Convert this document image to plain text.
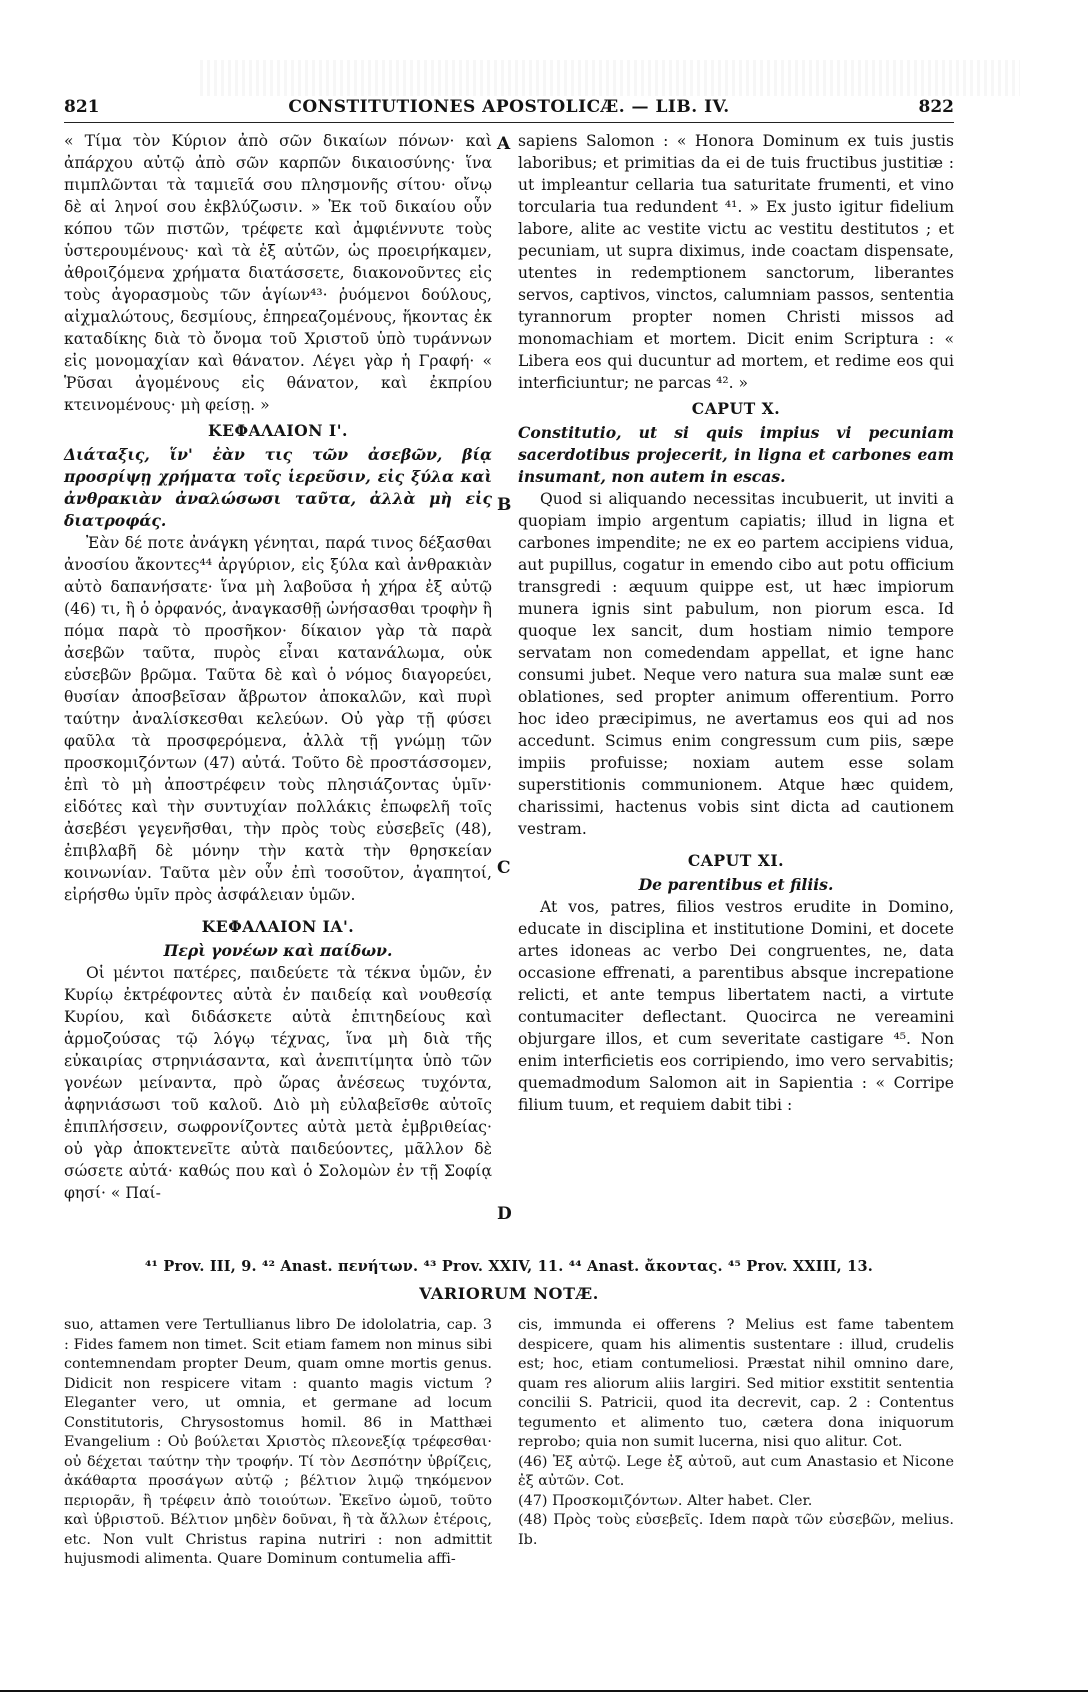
821	CONSTITUTIONES APOSTOLICÆ. — LIB. IV.	822
A
B
C
D

« Τίμα τὸν Κύριον ἀπὸ σῶν δικαίων πόνων· καὶ ἀπάρχου αὐτῷ ἀπὸ σῶν καρπῶν δικαιοσύνης· ἵνα πιμπλῶνται τὰ ταμιεῖά σου πλησμονῆς σίτου· οἴνῳ δὲ αἱ ληνοί σου ἐκβλύζωσιν. » Ἐκ τοῦ δικαίου οὖν κόπου τῶν πιστῶν, τρέφετε καὶ ἀμφιέννυτε τοὺς ὑστερουμένους· καὶ τὰ ἐξ αὐτῶν, ὡς προειρήκαμεν, ἀθροιζόμενα χρήματα διατάσσετε, διακονοῦντες εἰς τοὺς ἀγορασμοὺς τῶν ἁγίων⁴³· ῥυόμενοι δούλους, αἰχμαλώτους, δεσμίους, ἐπηρεαζομένους, ἥκοντας ἐκ καταδίκης διὰ τὸ ὄνομα τοῦ Χριστοῦ ὑπὸ τυράννων εἰς μονομαχίαν καὶ θάνατον. Λέγει γὰρ ἡ Γραφή· « Ῥῦσαι ἀγομένους εἰς θάνατον, καὶ ἐκπρίου κτεινομένους· μὴ φείσῃ. »

ΚΕΦΑΛΑΙΟΝ Ι'.

Διάταξις, ἵν' ἐὰν τις τῶν ἀσεβῶν, βίᾳ προσρίψῃ χρήματα τοῖς ἱερεῦσιν, εἰς ξύλα καὶ ἀνθρακιὰν ἀναλώσωσι ταῦτα, ἀλλὰ μὴ εἰς διατροφάς.

Ἐὰν δέ ποτε ἀνάγκη γένηται, παρά τινος δέξασθαι ἀνοσίου ἄκοντες⁴⁴ ἀργύριον, εἰς ξύλα καὶ ἀνθρακιὰν αὐτὸ δαπανήσατε· ἵνα μὴ λαβοῦσα ἡ χήρα ἐξ αὐτῷ (46) τι, ἢ ὁ ὀρφανός, ἀναγκασθῇ ὠνήσασθαι τροφὴν ἢ πόμα παρὰ τὸ προσῆκον· δίκαιον γὰρ τὰ παρὰ ἀσεβῶν ταῦτα, πυρὸς εἶναι κατανάλωμα, οὐκ εὐσεβῶν βρῶμα. Ταῦτα δὲ καὶ ὁ νόμος διαγορεύει, θυσίαν ἀποσβεῖσαν ἄβρωτον ἀποκαλῶν, καὶ πυρὶ ταύτην ἀναλίσκεσθαι κελεύων. Οὐ γὰρ τῇ φύσει φαῦλα τὰ προσφερόμενα, ἀλλὰ τῇ γνώμῃ τῶν προσκομιζόντων (47) αὐτά. Τοῦτο δὲ προστάσσομεν, ἐπὶ τὸ μὴ ἀποστρέφειν τοὺς πλησιάζοντας ὑμῖν· εἰδότες καὶ τὴν συντυχίαν πολλάκις ἐπωφελῆ τοῖς ἀσεβέσι γεγενῆσθαι, τὴν πρὸς τοὺς εὐσεβεῖς (48), ἐπιβλαβῆ δὲ μόνην τὴν κατὰ τὴν θρησκείαν κοινωνίαν. Ταῦτα μὲν οὖν ἐπὶ τοσοῦτον, ἀγαπητοί, εἰρήσθω ὑμῖν πρὸς ἀσφάλειαν ὑμῶν.

ΚΕΦΑΛΑΙΟΝ ΙΑ'.
Περὶ γονέων καὶ παίδων.

Οἱ μέντοι πατέρες, παιδεύετε τὰ τέκνα ὑμῶν, ἐν Κυρίῳ ἐκτρέφοντες αὐτὰ ἐν παιδείᾳ καὶ νουθεσίᾳ Κυρίου, καὶ διδάσκετε αὐτὰ ἐπιτηδείους καὶ ἁρμοζούσας τῷ λόγῳ τέχνας, ἵνα μὴ διὰ τῆς εὐκαιρίας στρηνιάσαντα, καὶ ἀνεπιτίμητα ὑπὸ τῶν γονέων μείναντα, πρὸ ὥρας ἀνέσεως τυχόντα, ἀφηνιάσωσι τοῦ καλοῦ. Διὸ μὴ εὐλαβεῖσθε αὐτοῖς ἐπιπλήσσειν, σωφρονίζοντες αὐτὰ μετὰ ἐμβριθείας· οὐ γὰρ ἀποκτενεῖτε αὐτὰ παιδεύοντες, μᾶλλον δὲ σώσετε αὐτά· καθώς που καὶ ὁ Σολομὼν ἐν τῇ Σοφίᾳ φησί· « Παί-

sapiens Salomon : « Honora Dominum ex tuis justis laboribus; et primitias da ei de tuis fructibus justitiæ : ut impleantur cellaria tua saturitate frumenti, et vino torcularia tua redundent ⁴¹. » Ex justo igitur fidelium labore, alite ac vestite victu ac vestitu destitutos ; et pecuniam, ut supra diximus, inde coactam dispensate, utentes in redemptionem sanctorum, liberantes servos, captivos, vinctos, calumniam passos, sententia tyrannorum propter nomen Christi missos ad monomachiam et mortem. Dicit enim Scriptura : « Libera eos qui ducuntur ad mortem, et redime eos qui interficiuntur; ne parcas ⁴². »

CAPUT X.

Constitutio, ut si quis impius vi pecuniam sacerdotibus projecerit, in ligna et carbones eam insumant, non autem in escas.

Quod si aliquando necessitas incubuerit, ut inviti a quopiam impio argentum capiatis; illud in ligna et carbones impendite; ne ex eo partem accipiens vidua, aut pupillus, cogatur in emendo cibo aut potu officium transgredi : æquum quippe est, ut hæc impiorum munera ignis sint pabulum, non piorum esca. Id quoque lex sancit, dum hostiam nimio tempore servatam non comedendam appellat, et igne hanc consumi jubet. Neque vero natura sua malæ sunt eæ oblationes, sed propter animum offerentium. Porro hoc ideo præcipimus, ne avertamus eos qui ad nos accedunt. Scimus enim congressum cum piis, sæpe impiis profuisse; noxiam autem esse solam superstitionis communionem. Atque hæc quidem, charissimi, hactenus vobis sint dicta ad cautionem vestram.

CAPUT XI.
De parentibus et filiis.

At vos, patres, filios vestros erudite in Domino, educate in disciplina et institutione Domini, et docete artes idoneas ac verbo Dei congruentes, ne, data occasione effrenati, a parentibus absque increpatione relicti, et ante tempus libertatem nacti, a virtute contumaciter deflectant. Quocirca ne vereamini objurgare illos, et cum severitate castigare ⁴⁵. Non enim interficietis eos corripiendo, imo vero servabitis; quemadmodum Salomon ait in Sapientia : « Corripe filium tuum, et requiem dabit tibi :

⁴¹ Prov. III, 9. ⁴² Anast. πενήτων. ⁴³ Prov. XXIV, 11. ⁴⁴ Anast. ἄκοντας. ⁴⁵ Prov. XXIII, 13.
VARIORUM NOTÆ.

suo, attamen vere Tertullianus libro De idololatria, cap. 3 : Fides famem non timet. Scit etiam famem non minus sibi contemnendam propter Deum, quam omne mortis genus. Didicit non respicere vitam : quanto magis victum ? Eleganter vero, ut omnia, et germane ad locum Constitutoris, Chrysostomus homil. 86 in Matthæi Evangelium : Οὐ βούλεται Χριστὸς πλεονεξίᾳ τρέφεσθαι· οὐ δέχεται ταύτην τὴν τροφήν. Τί τὸν Δεσπότην ὑβρίζεις, ἀκάθαρτα προσάγων αὐτῷ ; βέλτιον λιμῷ τηκόμενον περιορᾶν, ἢ τρέφειν ἀπὸ τοιούτων. Ἐκεῖνο ὠμοῦ, τοῦτο καὶ ὑβριστοῦ. Βέλτιον μηδὲν δοῦναι, ἢ τὰ ἄλλων ἑτέροις, etc. Non vult Christus rapina nutriri : non admittit hujusmodi alimenta. Quare Dominum contumelia affi-

cis, immunda ei offerens ? Melius est fame tabentem despicere, quam his alimentis sustentare : illud, crudelis est; hoc, etiam contumeliosi. Præstat nihil omnino dare, quam res aliorum aliis largiri. Sed mitior exstitit sententia concilii S. Patricii, quod ita decrevit, cap. 2 : Contentus tegumento et alimento tuo, cætera dona iniquorum reprobo; quia non sumit lucerna, nisi quo alitur. Cot.

(46) Ἐξ αὐτῷ. Lege ἐξ αὐτοῦ, aut cum Anastasio et Nicone ἐξ αὐτῶν. Cot.

(47) Προσκομιζόντων. Alter habet. Cler.

(48) Πρὸς τοὺς εὐσεβεῖς. Idem παρὰ τῶν εὐσεβῶν, melius. Ib.
